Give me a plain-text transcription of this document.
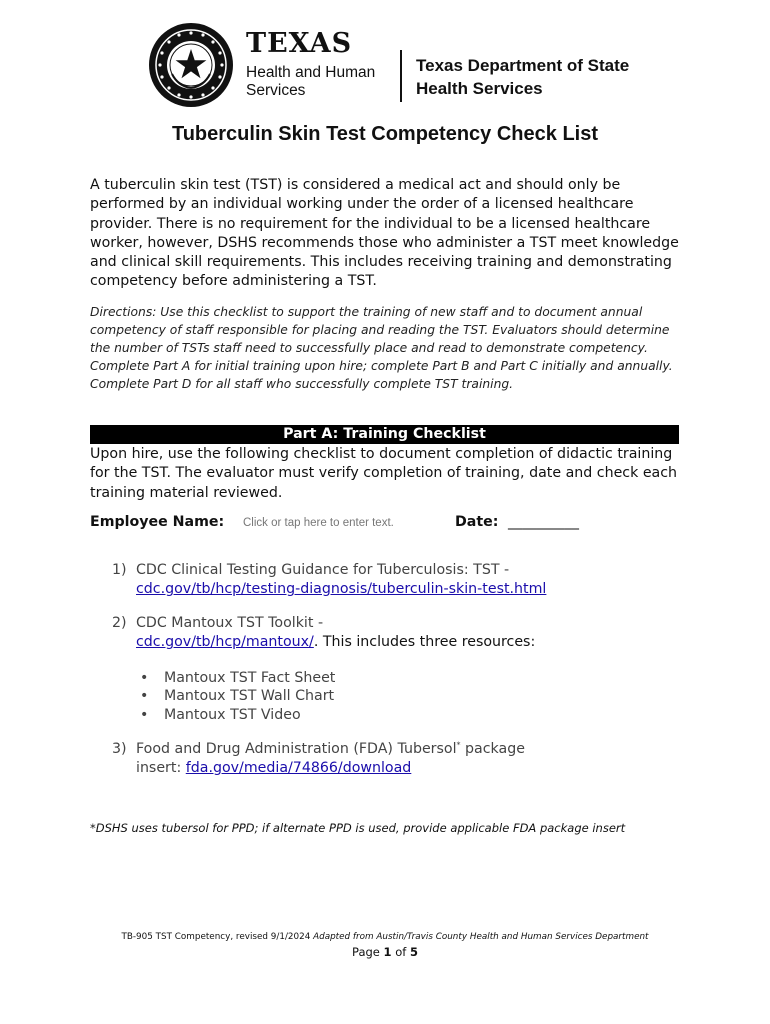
TEXAS
Health and Human
Services
Texas Department of State
Health Services
Tuberculin Skin Test Competency Check List
A tuberculin skin test (TST) is considered a medical act and should only be performed by an individual working under the order of a licensed healthcare provider. There is no requirement for the individual to be a licensed healthcare worker, however, DSHS recommends those who administer a TST meet knowledge and clinical skill requirements. This includes receiving training and demonstrating competency before administering a TST.
Directions: Use this checklist to support the training of new staff and to document annual competency of staff responsible for placing and reading the TST. Evaluators should determine the number of TSTs staff need to successfully place and read to demonstrate competency. Complete Part A for initial training upon hire; complete Part B and Part C initially and annually. Complete Part D for all staff who successfully complete TST training.
Part A: Training Checklist
Upon hire, use the following checklist to document completion of didactic training for the TST. The evaluator must verify completion of training, date and check each training material reviewed.
Employee Name: Click or tap here to enter text.	Date: __________
1) CDC Clinical Testing Guidance for Tuberculosis: TST -
cdc.gov/tb/hcp/testing-diagnosis/tuberculin-skin-test.html
2) CDC Mantoux TST Toolkit -
cdc.gov/tb/hcp/mantoux/. This includes three resources:
• Mantoux TST Fact Sheet
• Mantoux TST Wall Chart
• Mantoux TST Video
3) Food and Drug Administration (FDA) Tubersol* package
insert: fda.gov/media/74866/download
*DSHS uses tubersol for PPD; if alternate PPD is used, provide applicable FDA package insert
TB-905 TST Competency, revised 9/1/2024 Adapted from Austin/Travis County Health and Human Services Department
Page 1 of 5
